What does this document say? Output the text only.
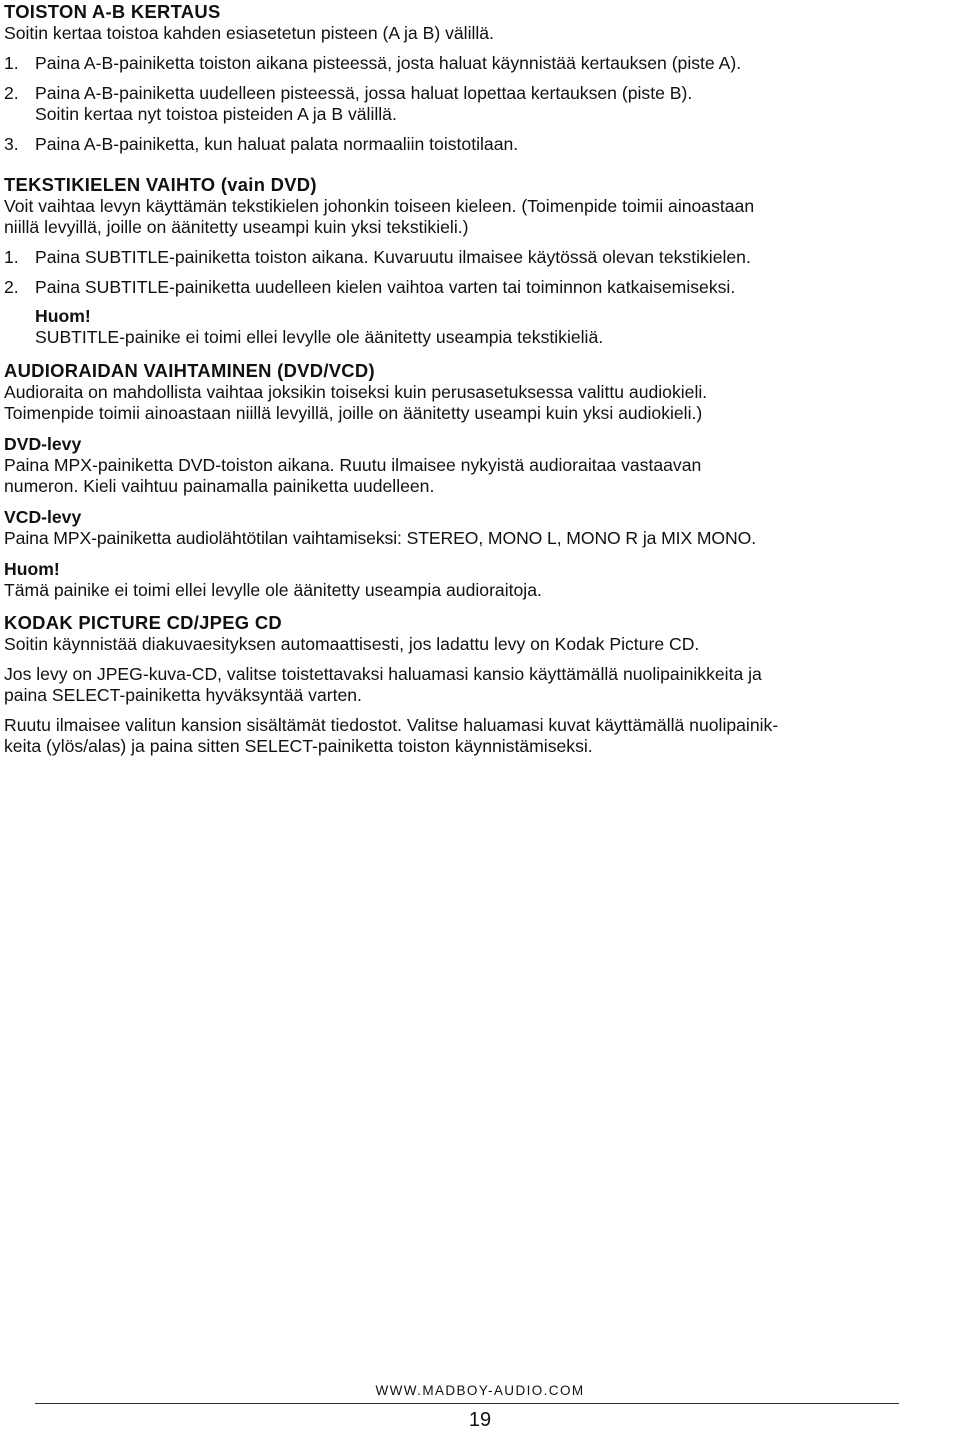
TOISTON A-B KERTAUS

Soitin kertaa toistoa kahden esiasetetun pisteen (A ja B) välillä.

1. Paina A-B-painiketta toiston aikana pisteessä, josta haluat käynnistää kertauksen (piste A).
2. Paina A-B-painiketta uudelleen pisteessä, jossa haluat lopettaa kertauksen (piste B).
Soitin kertaa nyt toistoa pisteiden A ja B välillä.
3. Paina A-B-painiketta, kun haluat palata normaaliin toistotilaan.
TEKSTIKIELEN VAIHTO (vain DVD)

Voit vaihtaa levyn käyttämän tekstikielen johonkin toiseen kieleen. (Toimenpide toimii ainoastaan

niillä levyillä, joille on äänitetty useampi kuin yksi tekstikieli.)

1. Paina SUBTITLE-painiketta toiston aikana. Kuvaruutu ilmaisee käytössä olevan tekstikielen.
2. Paina SUBTITLE-painiketta uudelleen kielen vaihtoa varten tai toiminnon katkaisemiseksi.

Huom!

SUBTITLE-painike ei toimi ellei levylle ole äänitetty useampia tekstikieliä.

AUDIORAIDAN VAIHTAMINEN (DVD/VCD)

Audioraita on mahdollista vaihtaa joksikin toiseksi kuin perusasetuksessa valittu audiokieli.

Toimenpide toimii ainoastaan niillä levyillä, joille on äänitetty useampi kuin yksi audiokieli.)

DVD-levy

Paina MPX-painiketta DVD-toiston aikana. Ruutu ilmaisee nykyistä audioraitaa vastaavan

numeron. Kieli vaihtuu painamalla painiketta uudelleen.

VCD-levy

Paina MPX-painiketta audiolähtötilan vaihtamiseksi: STEREO, MONO L, MONO R ja MIX MONO.

Huom!

Tämä painike ei toimi ellei levylle ole äänitetty useampia audioraitoja.

KODAK PICTURE CD/JPEG CD

Soitin käynnistää diakuvaesityksen automaattisesti, jos ladattu levy on Kodak Picture CD.

Jos levy on JPEG-kuva-CD, valitse toistettavaksi haluamasi kansio käyttämällä nuolipainikkeita ja

paina SELECT-painiketta hyväksyntää varten.

Ruutu ilmaisee valitun kansion sisältämät tiedostot. Valitse haluamasi kuvat käyttämällä nuolipainik-

keita (ylös/alas) ja paina sitten SELECT-painiketta toiston käynnistämiseksi.

WWW.MADBOY-AUDIO.COM
19
